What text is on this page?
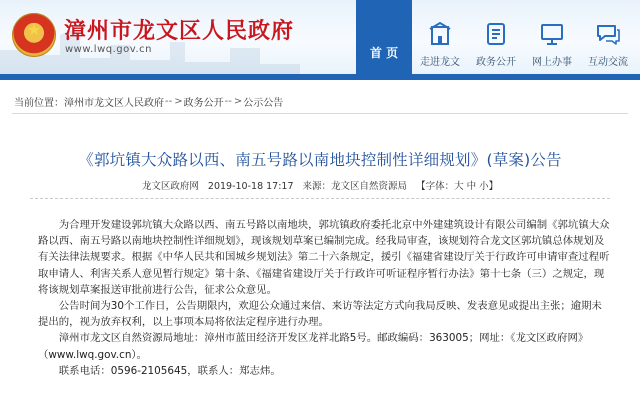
★	漳州市龙文区人民政府
www.lwq.gov.cn	首 页
走进龙文 政务公开 网上办事 互动交流
当前位置： 漳州市龙文区人民政府 -- > 政务公开 -- > 公示公告
《郭坑镇大众路以西、南五号路以南地块控制性详细规划》(草案)公告
龙文区政府网 2019-10-18 17:17 来源：龙文区自然资源局 【字体：大 中 小】

为合理开发建设郭坑镇大众路以西、南五号路以南地块，郭坑镇政府委托北京中外建建筑设计有限公司编制《郭坑镇大众路以西、南五号路以南地块控制性详细规划》，现该规划草案已编制完成。经我局审查，该规划符合龙文区郭坑镇总体规划及有关法律法规要求。根据《中华人民共和国城乡规划法》第二十六条规定，援引《福建省建设厅关于行政许可申请审查过程听取申请人、利害关系人意见暂行规定》第十条、《福建省建设厅关于行政许可听证程序暂行办法》第十七条（三）之规定，现将该规划草案报送审批前进行公告，征求公众意见。

公告时间为30个工作日，公告期限内，欢迎公众通过来信、来访等法定方式向我局反映、发表意见或提出主张；逾期未提出的，视为放弃权利，以上事项本局将依法定程序进行办理。

漳州市龙文区自然资源局地址：漳州市蓝田经济开发区龙祥北路5号。邮政编码：363005；网址：《龙文区政府网》（www.lwq.gov.cn）。

联系电话：0596-2105645，联系人：郑志炜。
